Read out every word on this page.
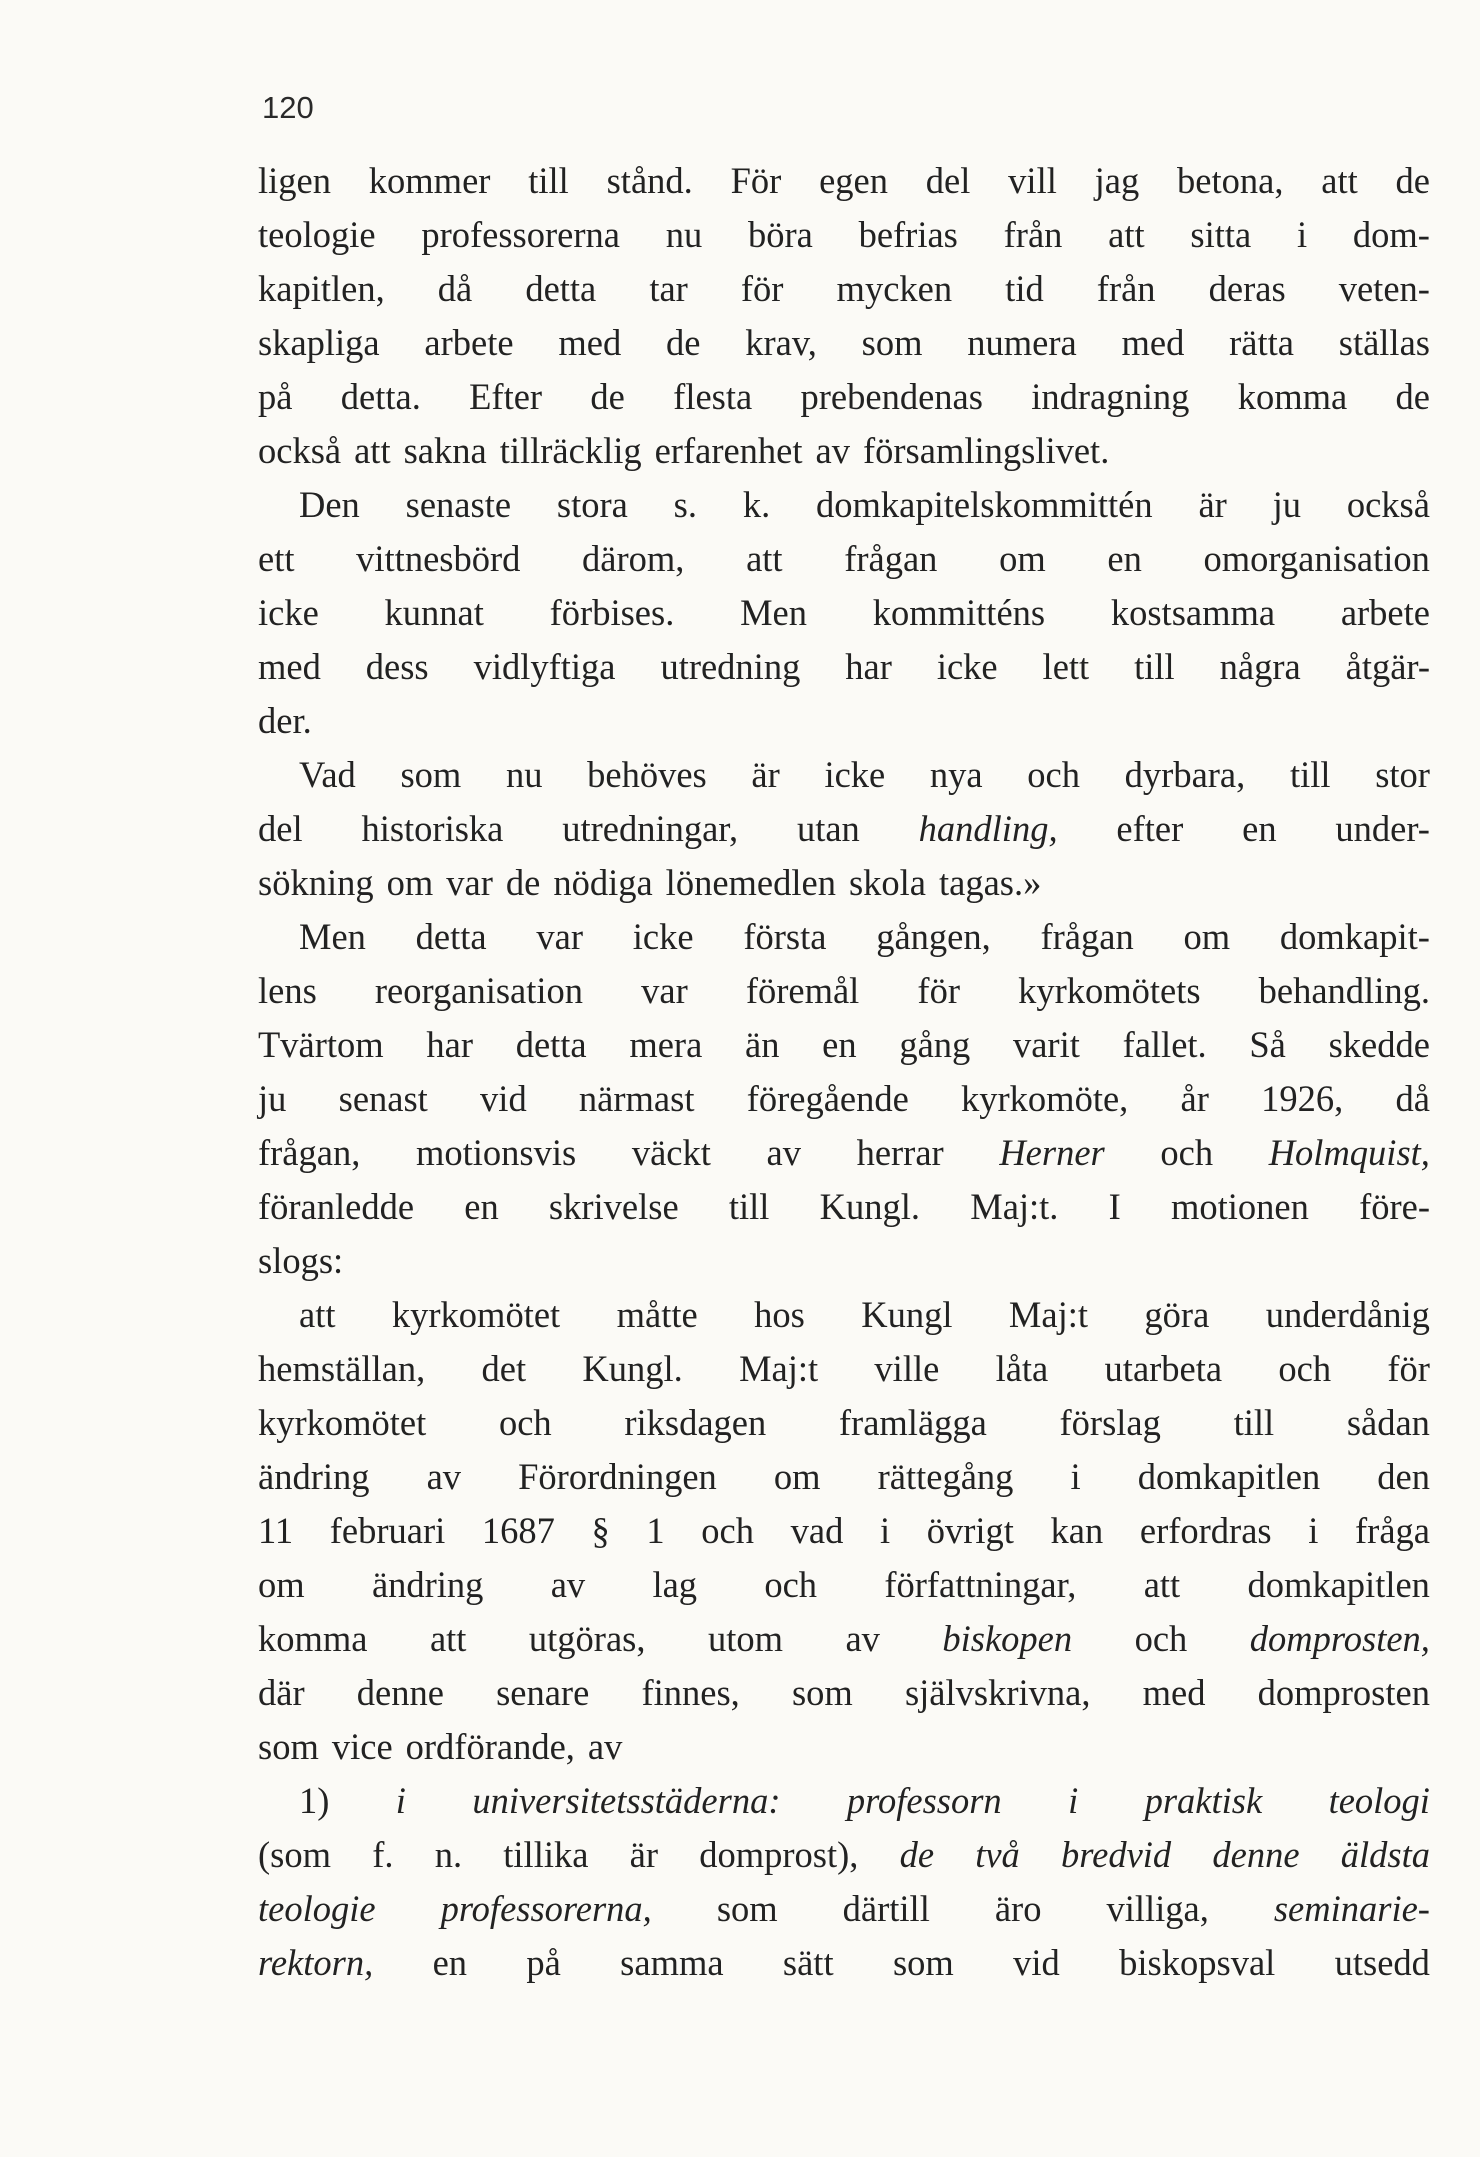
120
ligen kommer till stånd. För egen del vill jag betona, att de
teologie professorerna nu böra befrias från att sitta i dom-
kapitlen, då detta tar för mycken tid från deras veten-
skapliga arbete med de krav, som numera med rätta ställas
på detta. Efter de flesta prebendenas indragning komma de
också att sakna tillräcklig erfarenhet av församlingslivet.
Den senaste stora s. k. domkapitelskommittén är ju också
ett vittnesbörd därom, att frågan om en omorganisation
icke kunnat förbises. Men kommitténs kostsamma arbete
med dess vidlyftiga utredning har icke lett till några åtgär-
der.
Vad som nu behöves är icke nya och dyrbara, till stor
del historiska utredningar, utan handling, efter en under-
sökning om var de nödiga lönemedlen skola tagas.»
Men detta var icke första gången, frågan om domkapit-
lens reorganisation var föremål för kyrkomötets behandling.
Tvärtom har detta mera än en gång varit fallet. Så skedde
ju senast vid närmast föregående kyrkomöte, år 1926, då
frågan, motionsvis väckt av herrar Herner och Holmquist,
föranledde en skrivelse till Kungl. Maj:t. I motionen före-
slogs:
att kyrkomötet måtte hos Kungl Maj:t göra underdånig
hemställan, det Kungl. Maj:t ville låta utarbeta och för
kyrkomötet och riksdagen framlägga förslag till sådan
ändring av Förordningen om rättegång i domkapitlen den
11 februari 1687 § 1 och vad i övrigt kan erfordras i fråga
om ändring av lag och författningar, att domkapitlen
komma att utgöras, utom av biskopen och domprosten,
där denne senare finnes, som självskrivna, med domprosten
som vice ordförande, av
1) i universitetsstäderna: professorn i praktisk teologi
(som f. n. tillika är domprost), de två bredvid denne äldsta
teologie professorerna, som därtill äro villiga, seminarie-
rektorn, en på samma sätt som vid biskopsval utsedd
